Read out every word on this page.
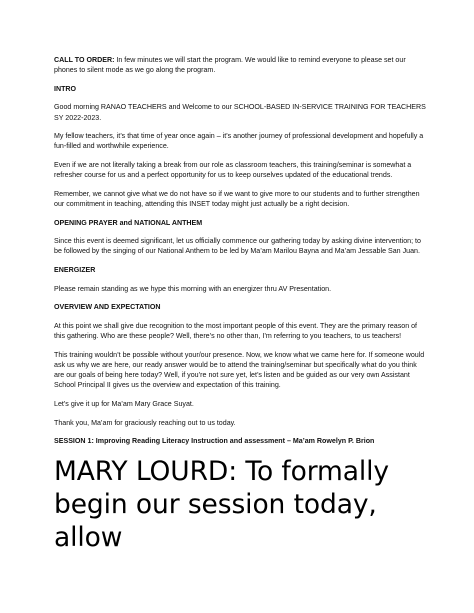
CALL TO ORDER: In few minutes we will start the program. We would like to remind everyone to please set our phones to silent mode as we go along the program.

INTRO

Good morning RANAO TEACHERS and Welcome to our SCHOOL-BASED IN-SERVICE TRAINING FOR TEACHERS SY 2022-2023.

My fellow teachers, it’s that time of year once again – it’s another journey of professional development and hopefully a fun-filled and worthwhile experience.

Even if we are not literally taking a break from our role as classroom teachers, this training/seminar is somewhat a refresher course for us and a perfect opportunity for us to keep ourselves updated of the educational trends.

Remember, we cannot give what we do not have so if we want to give more to our students and to further strengthen our commitment in teaching, attending this INSET today might just actually be a right decision.

OPENING PRAYER and NATIONAL ANTHEM

Since this event is deemed significant, let us officially commence our gathering today by asking divine intervention; to be followed by the singing of our National Anthem to be led by Ma’am Marilou Bayna and Ma’am Jessable San Juan.

ENERGIZER

Please remain standing as we hype this morning with an energizer thru AV Presentation.

OVERVIEW AND EXPECTATION

At this point we shall give due recognition to the most important people of this event. They are the primary reason of this gathering. Who are these people? Well, there’s no other than, I’m referring to you teachers, to us teachers!

This training wouldn’t be possible without your/our presence. Now, we know what we came here for. If someone would ask us why we are here, our ready answer would be to attend the training/seminar but specifically what do you think are our goals of being here today? Well, if you’re not sure yet, let’s listen and be guided as our very own Assistant School Principal II gives us the overview and expectation of this training.

Let’s give it up for Ma’am Mary Grace Suyat.

Thank you, Ma’am for graciously reaching out to us today.

SESSION 1: Improving Reading Literacy Instruction and assessment – Ma’am Rowelyn P. Brion

MARY LOURD: To formally begin our session today, allow
